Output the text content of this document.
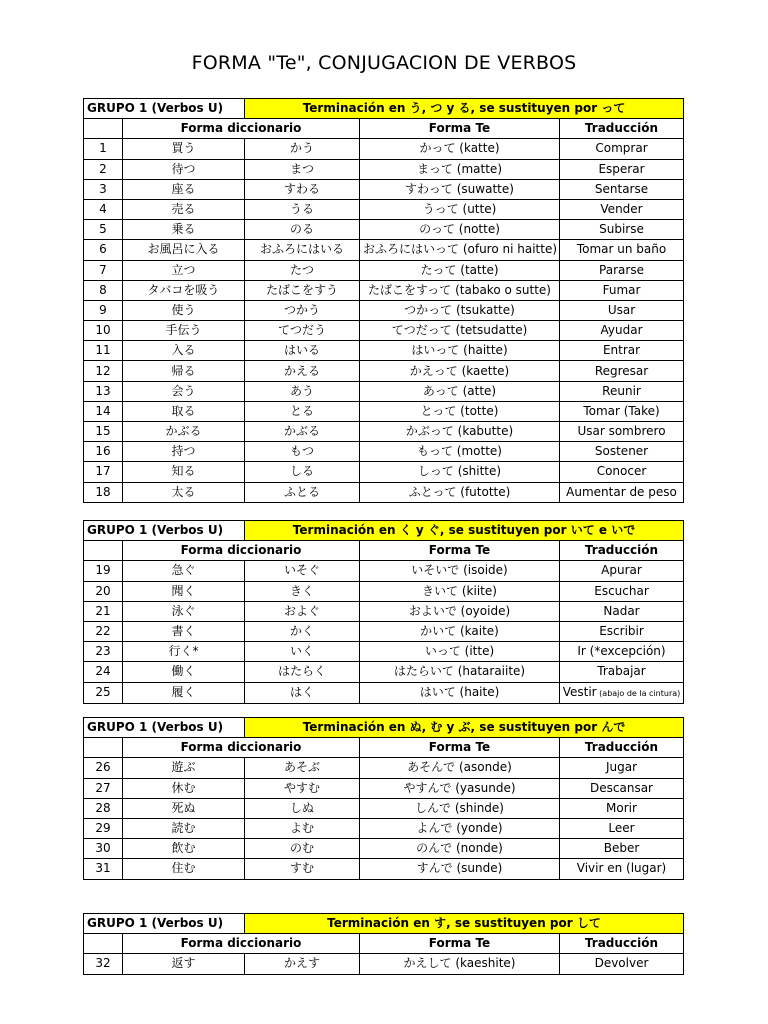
FORMA "Te", CONJUGACION DE VERBOS
GRUPO 1 (Verbos U)		Terminación en う, つ y る, se sustituyen por って		
	Forma diccionario		Forma Te	Traducción
1	買う	かう	かって (katte)	Comprar
2	待つ	まつ	まって (matte)	Esperar
3	座る	すわる	すわって (suwatte)	Sentarse
4	売る	うる	うって (utte)	Vender
5	乗る	のる	のって (notte)	Subirse
6	お風呂に入る	おふろにはいる	おふろにはいって (ofuro ni haitte)	Tomar un baño
7	立つ	たつ	たって (tatte)	Pararse
8	タバコを吸う	たばこをすう	たばこをすって (tabako o sutte)	Fumar
9	使う	つかう	つかって (tsukatte)	Usar
10	手伝う	てつだう	てつだって (tetsudatte)	Ayudar
11	入る	はいる	はいって (haitte)	Entrar
12	帰る	かえる	かえって (kaette)	Regresar
13	会う	あう	あって (atte)	Reunir
14	取る	とる	とって (totte)	Tomar (Take)
15	かぶる	かぶる	かぶって (kabutte)	Usar sombrero
16	持つ	もつ	もって (motte)	Sostener
17	知る	しる	しって (shitte)	Conocer
18	太る	ふとる	ふとって (futotte)	Aumentar de peso
GRUPO 1 (Verbos U)		Terminación en く y ぐ, se sustituyen por いて e いで		
	Forma diccionario		Forma Te	Traducción
19	急ぐ	いそぐ	いそいで (isoide)	Apurar
20	聞く	きく	きいて (kiite)	Escuchar
21	泳ぐ	およぐ	およいで (oyoide)	Nadar
22	書く	かく	かいて (kaite)	Escribir
23	行く*	いく	いって (itte)	Ir (*excepción)
24	働く	はたらく	はたらいて (hataraiite)	Trabajar
25	履く	はく	はいて (haite)	Vestir (abajo de la cintura)
GRUPO 1 (Verbos U)		Terminación en ぬ, む y ぶ, se sustituyen por んで		
	Forma diccionario		Forma Te	Traducción
26	遊ぶ	あそぶ	あそんで (asonde)	Jugar
27	休む	やすむ	やすんで (yasunde)	Descansar
28	死ぬ	しぬ	しんで (shinde)	Morir
29	読む	よむ	よんで (yonde)	Leer
30	飲む	のむ	のんで (nonde)	Beber
31	住む	すむ	すんで (sunde)	Vivir en (lugar)
GRUPO 1 (Verbos U)		Terminación en す, se sustituyen por して		
	Forma diccionario		Forma Te	Traducción
32	返す	かえす	かえして (kaeshite)	Devolver
